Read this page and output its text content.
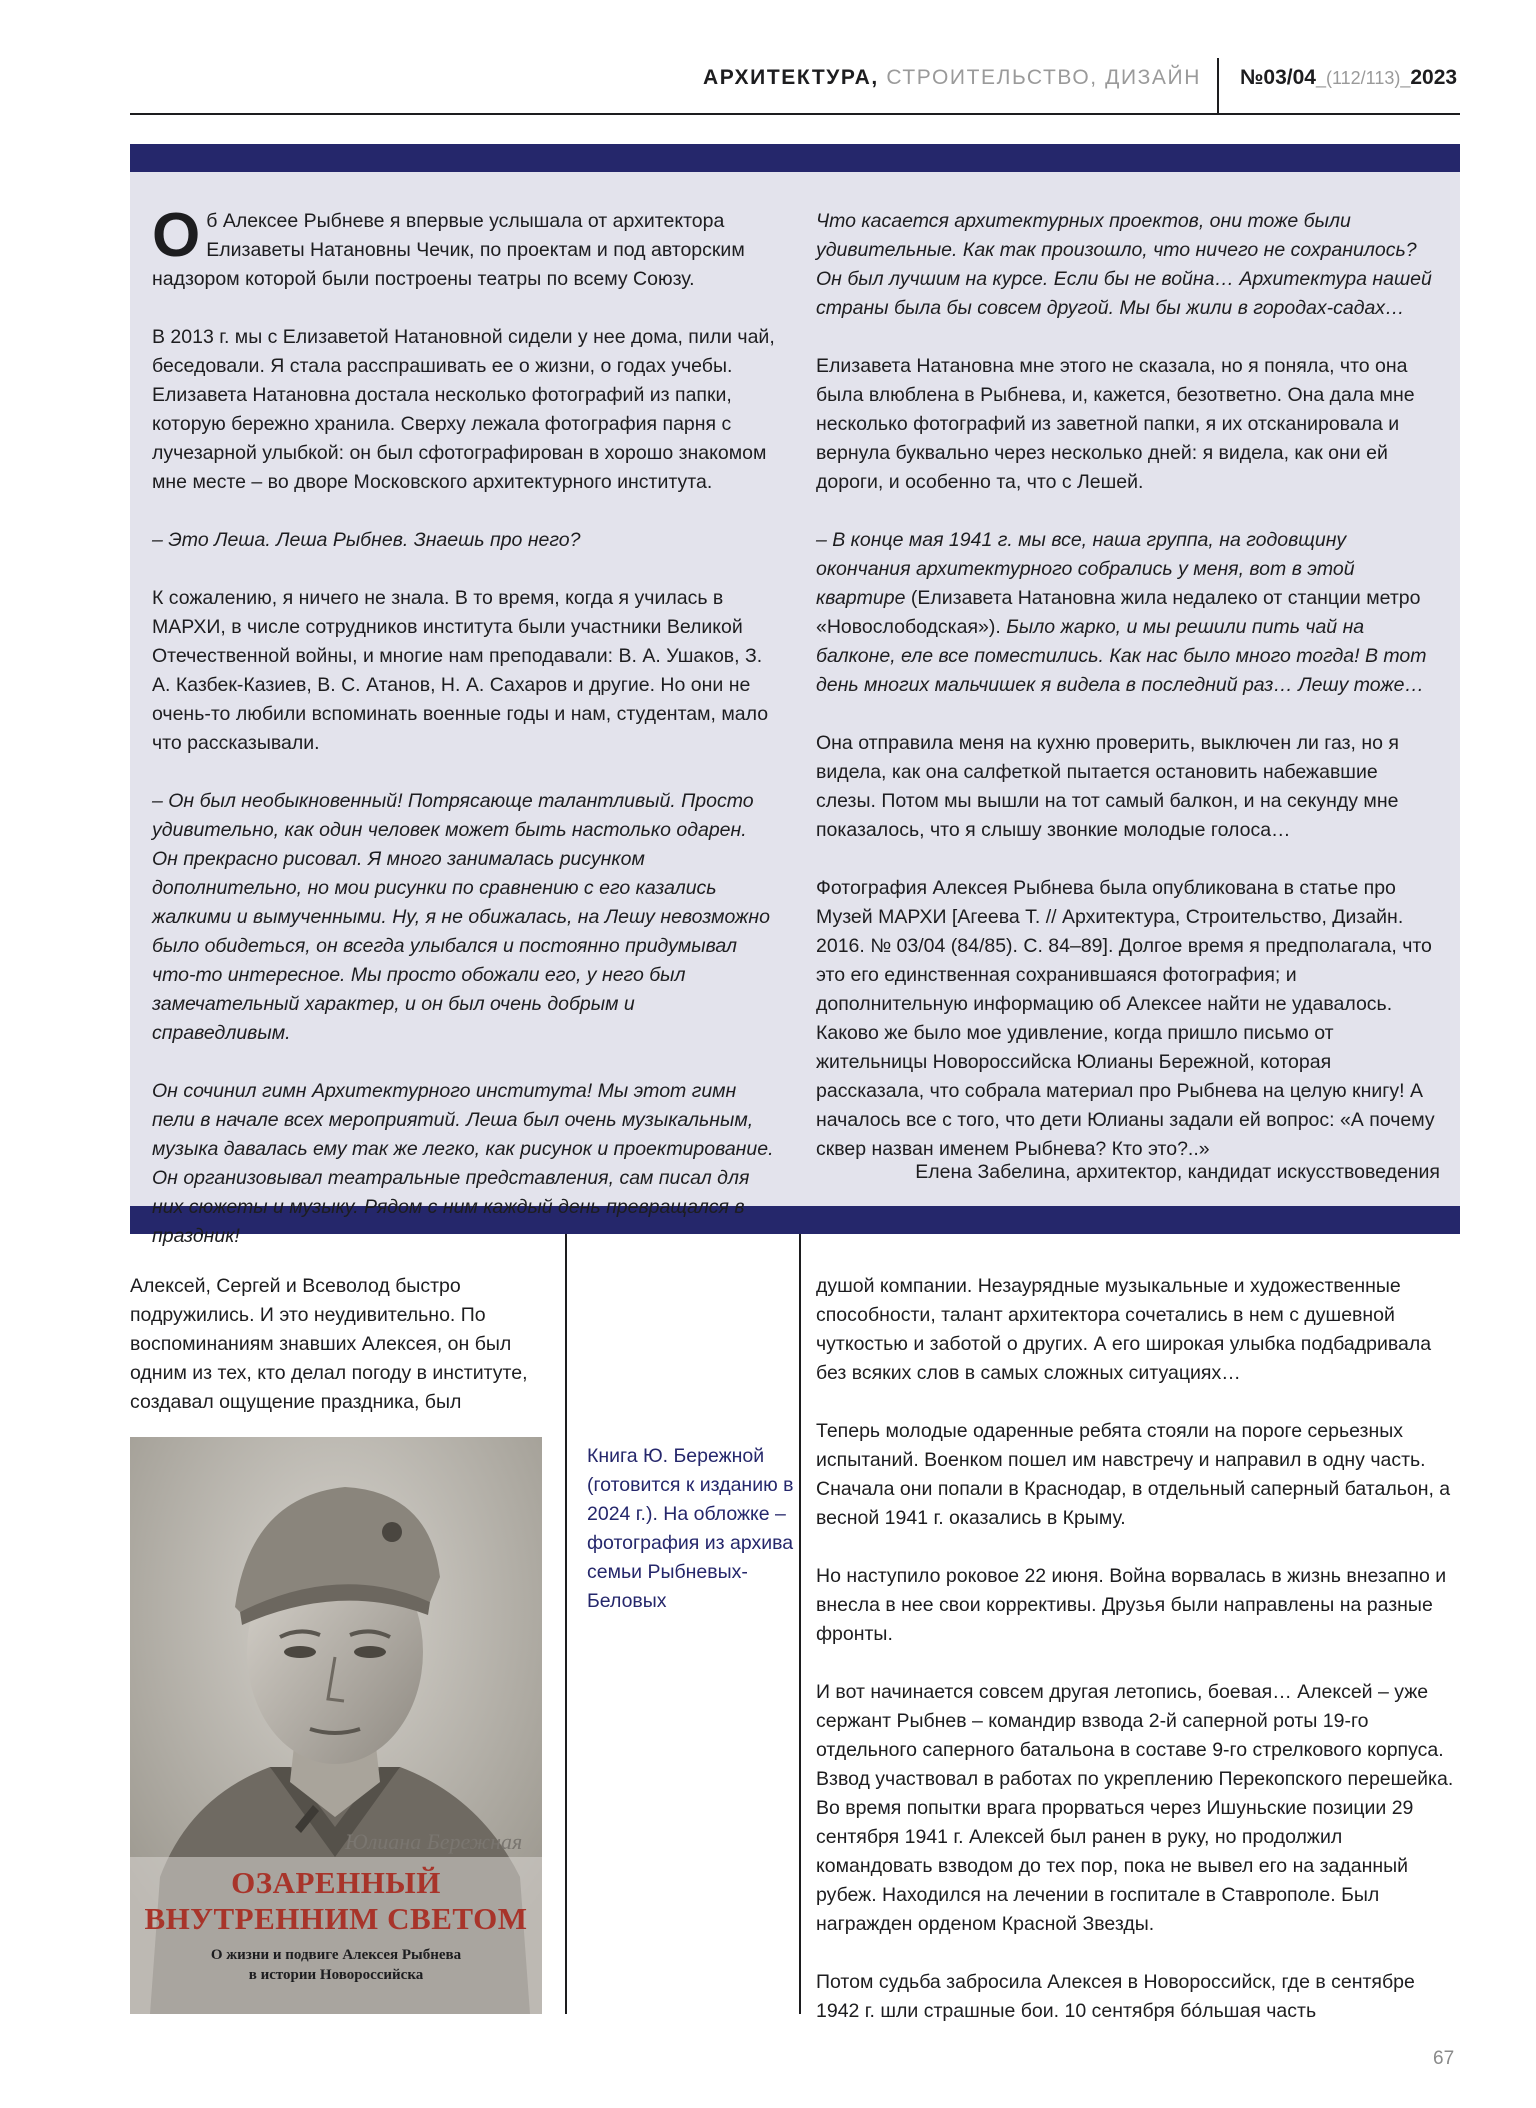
АРХИТЕКТУРА, СТРОИТЕЛЬСТВО, ДИЗАЙН №03/04_(112/113)_2023

Об Алексее Рыбневе я впервые услышала от архитектора Елизаветы Натановны Чечик, по проектам и под авторским надзором которой были построены театры по всему Союзу.

В 2013 г. мы с Елизаветой Натановной сидели у нее дома, пили чай, беседовали. Я стала расспрашивать ее о жизни, о годах учебы. Елизавета Натановна достала несколько фотографий из папки, которую бережно хранила. Сверху лежала фотография парня с лучезарной улыбкой: он был сфотографирован в хорошо знакомом мне месте – во дворе Московского архитектурного института.

– Это Леша. Леша Рыбнев. Знаешь про него?

К сожалению, я ничего не знала. В то время, когда я училась в МАРХИ, в числе сотрудников института были участники Великой Отечественной войны, и многие нам преподавали: В. А. Ушаков, З. А. Казбек-Казиев, В. С. Атанов, Н. А. Сахаров и другие. Но они не очень-то любили вспоминать военные годы и нам, студентам, мало что рассказывали.

– Он был необыкновенный! Потрясающе талантливый. Просто удивительно, как один человек может быть настолько одарен. Он прекрасно рисовал. Я много занималась рисунком дополнительно, но мои рисунки по сравнению с его казались жалкими и вымученными. Ну, я не обижалась, на Лешу невозможно было обидеться, он всегда улыбался и постоянно придумывал что-то интересное. Мы просто обожали его, у него был замечательный характер, и он был очень добрым и справедливым.

Он сочинил гимн Архитектурного института! Мы этот гимн пели в начале всех мероприятий. Леша был очень музыкальным, музыка давалась ему так же легко, как рисунок и проектирование. Он организовывал театральные представления, сам писал для них сюжеты и музыку. Рядом с ним каждый день превращался в праздник!

Что касается архитектурных проектов, они тоже были удивительные. Как так произошло, что ничего не сохранилось? Он был лучшим на курсе. Если бы не война… Архитектура нашей страны была бы совсем другой. Мы бы жили в городах-садах…

Елизавета Натановна мне этого не сказала, но я поняла, что она была влюблена в Рыбнева, и, кажется, безответно. Она дала мне несколько фотографий из заветной папки, я их отсканировала и вернула буквально через несколько дней: я видела, как они ей дороги, и особенно та, что с Лешей.

– В конце мая 1941 г. мы все, наша группа, на годовщину окончания архитектурного собрались у меня, вот в этой квартире (Елизавета Натановна жила недалеко от станции метро «Новослободская»). Было жарко, и мы решили пить чай на балконе, еле все поместились. Как нас было много тогда! В тот день многих мальчишек я видела в последний раз… Лешу тоже…

Она отправила меня на кухню проверить, выключен ли газ, но я видела, как она салфеткой пытается остановить набежавшие слезы. Потом мы вышли на тот самый балкон, и на секунду мне показалось, что я слышу звонкие молодые голоса…

Фотография Алексея Рыбнева была опубликована в статье про Музей МАРХИ [Агеева Т. // Архитектура, Строительство, Дизайн. 2016. № 03/04 (84/85). С. 84–89]. Долгое время я предполагала, что это его единственная сохранившаяся фотография; и дополнительную информацию об Алексее найти не удавалось. Каково же было мое удивление, когда пришло письмо от жительницы Новороссийска Юлианы Бережной, которая рассказала, что собрала материал про Рыбнева на целую книгу! А началось все с того, что дети Юлианы задали ей вопрос: «А почему сквер назван именем Рыбнева? Кто это?..»

Елена Забелина, архитектор, кандидат искусствоведения

Алексей, Сергей и Всеволод быстро подружились. И это неудивительно. По воспоминаниям знавших Алексея, он был одним из тех, кто делал погоду в институте, создавал ощущение праздника, был

Юлиана Бережная
ОЗАРЕННЫЙ
ВНУТРЕННИМ СВЕТОМ
О жизни и подвиге Алексея Рыбнева
в истории Новороссийска
Книга Ю. Бережной (готовится к изданию в 2024 г.). На обложке – фотография из архива семьи Рыбневых-Беловых

душой компании. Незаурядные музыкальные и художественные способности, талант архитектора сочетались в нем с душевной чуткостью и заботой о других. А его широкая улыбка подбадривала без всяких слов в самых сложных ситуациях…

Теперь молодые одаренные ребята стояли на пороге серьезных испытаний. Военком пошел им навстречу и направил в одну часть. Сначала они попали в Краснодар, в отдельный саперный батальон, а весной 1941 г. оказались в Крыму.

Но наступило роковое 22 июня. Война ворвалась в жизнь внезапно и внесла в нее свои коррективы. Друзья были направлены на разные фронты.

И вот начинается совсем другая летопись, боевая… Алексей – уже сержант Рыбнев – командир взвода 2-й саперной роты 19-го отдельного саперного батальона в составе 9-го стрелкового корпуса. Взвод участвовал в работах по укреплению Перекопского перешейка. Во время попытки врага прорваться через Ишуньские позиции 29 сентября 1941 г. Алексей был ранен в руку, но продолжил командовать взводом до тех пор, пока не вывел его на заданный рубеж. Находился на лечении в госпитале в Ставрополе. Был награжден орденом Красной Звезды.

Потом судьба забросила Алексея в Новороссийск, где в сентябре 1942 г. шли страшные бои. 10 сентября бóльшая часть

67
